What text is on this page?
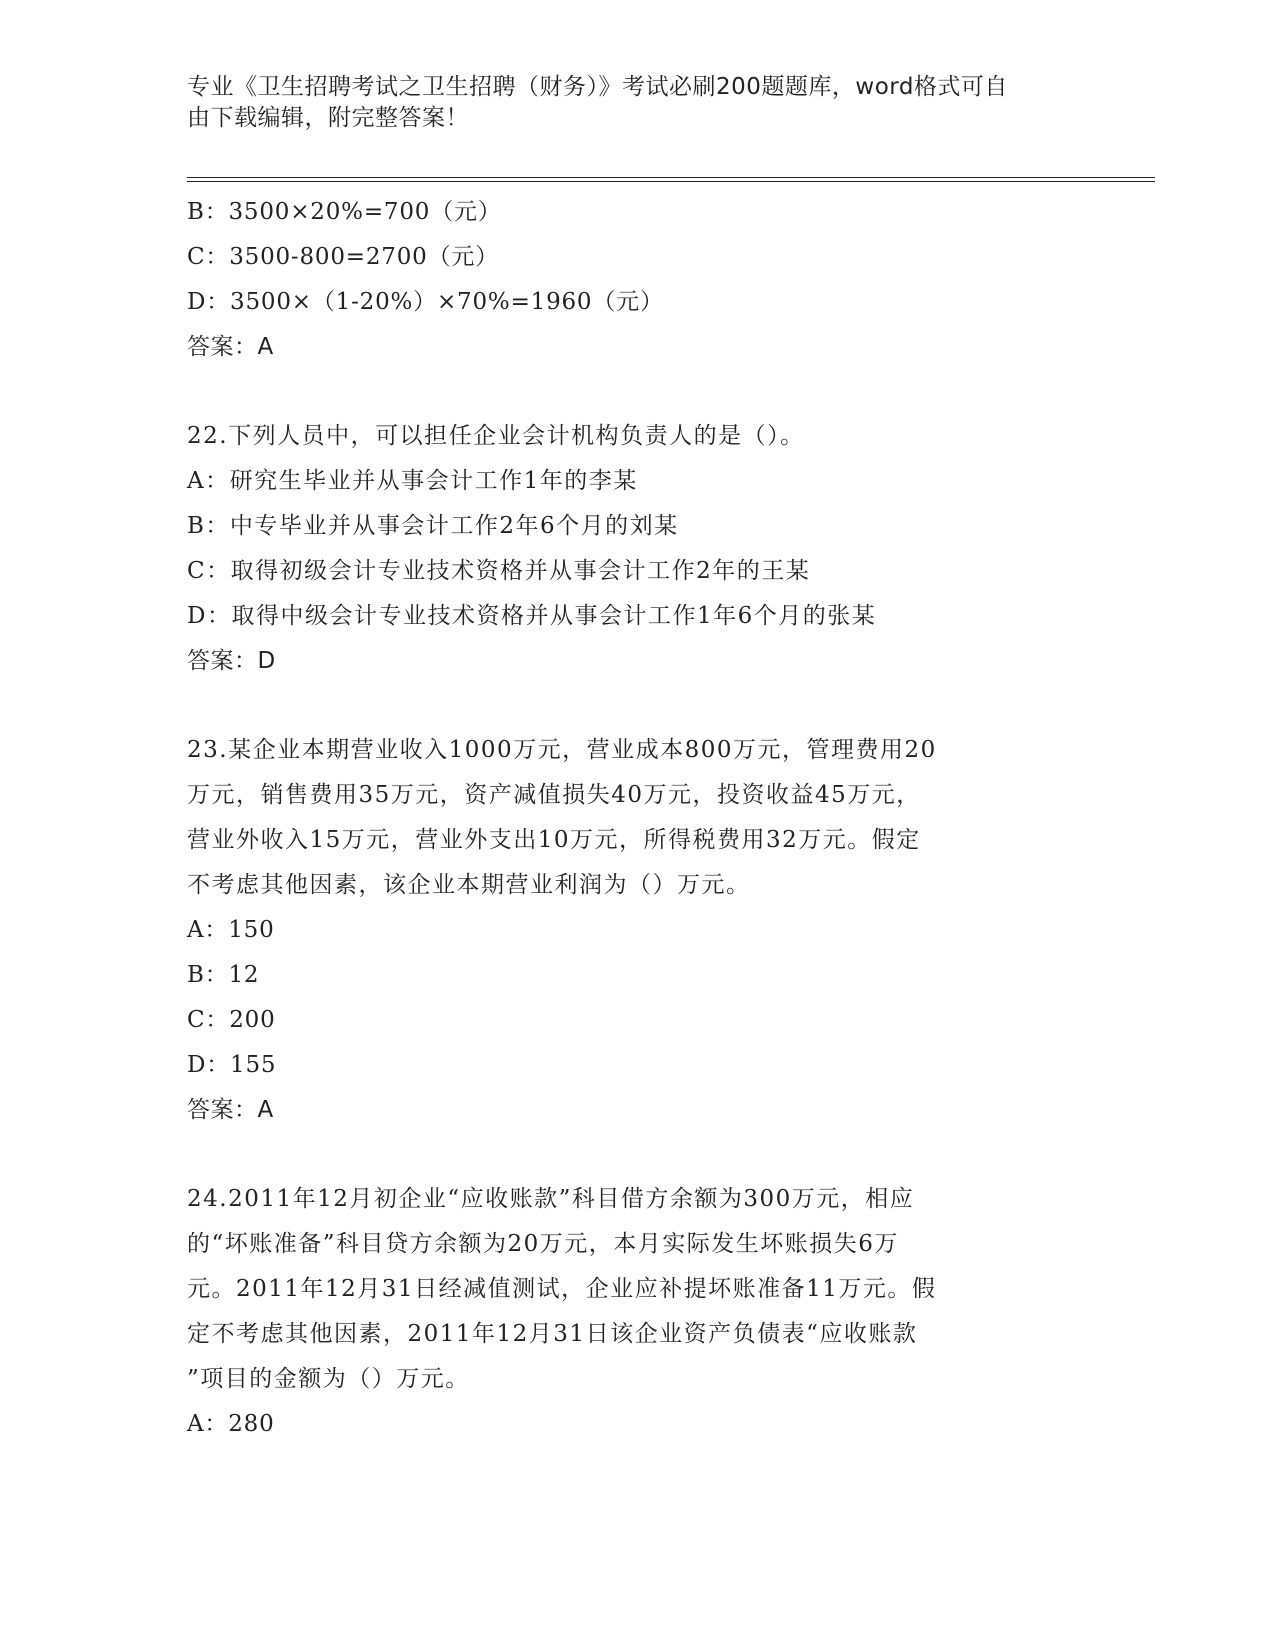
专业《卫生招聘考试之卫生招聘（财务）》考试必刷200题题库，word格式可自
由下载编辑，附完整答案！
B：3500×20%=700（元）
C：3500-800=2700（元）
D：3500×（1-20%）×70%=1960（元）
答案：A
22.下列人员中，可以担任企业会计机构负责人的是（）。
A：研究生毕业并从事会计工作1年的李某
B：中专毕业并从事会计工作2年6个月的刘某
C：取得初级会计专业技术资格并从事会计工作2年的王某
D：取得中级会计专业技术资格并从事会计工作1年6个月的张某
答案：D
23.某企业本期营业收入1000万元，营业成本800万元，管理费用20
万元，销售费用35万元，资产减值损失40万元，投资收益45万元，
营业外收入15万元，营业外支出10万元，所得税费用32万元。假定
不考虑其他因素，该企业本期营业利润为（）万元。
A：150
B：12
C：200
D：155
答案：A
24.2011年12月初企业“应收账款”科目借方余额为300万元，相应
的“坏账准备”科目贷方余额为20万元，本月实际发生坏账损失6万
元。2011年12月31日经减值测试，企业应补提坏账准备11万元。假
定不考虑其他因素，2011年12月31日该企业资产负债表“应收账款
”项目的金额为（）万元。
A：280
